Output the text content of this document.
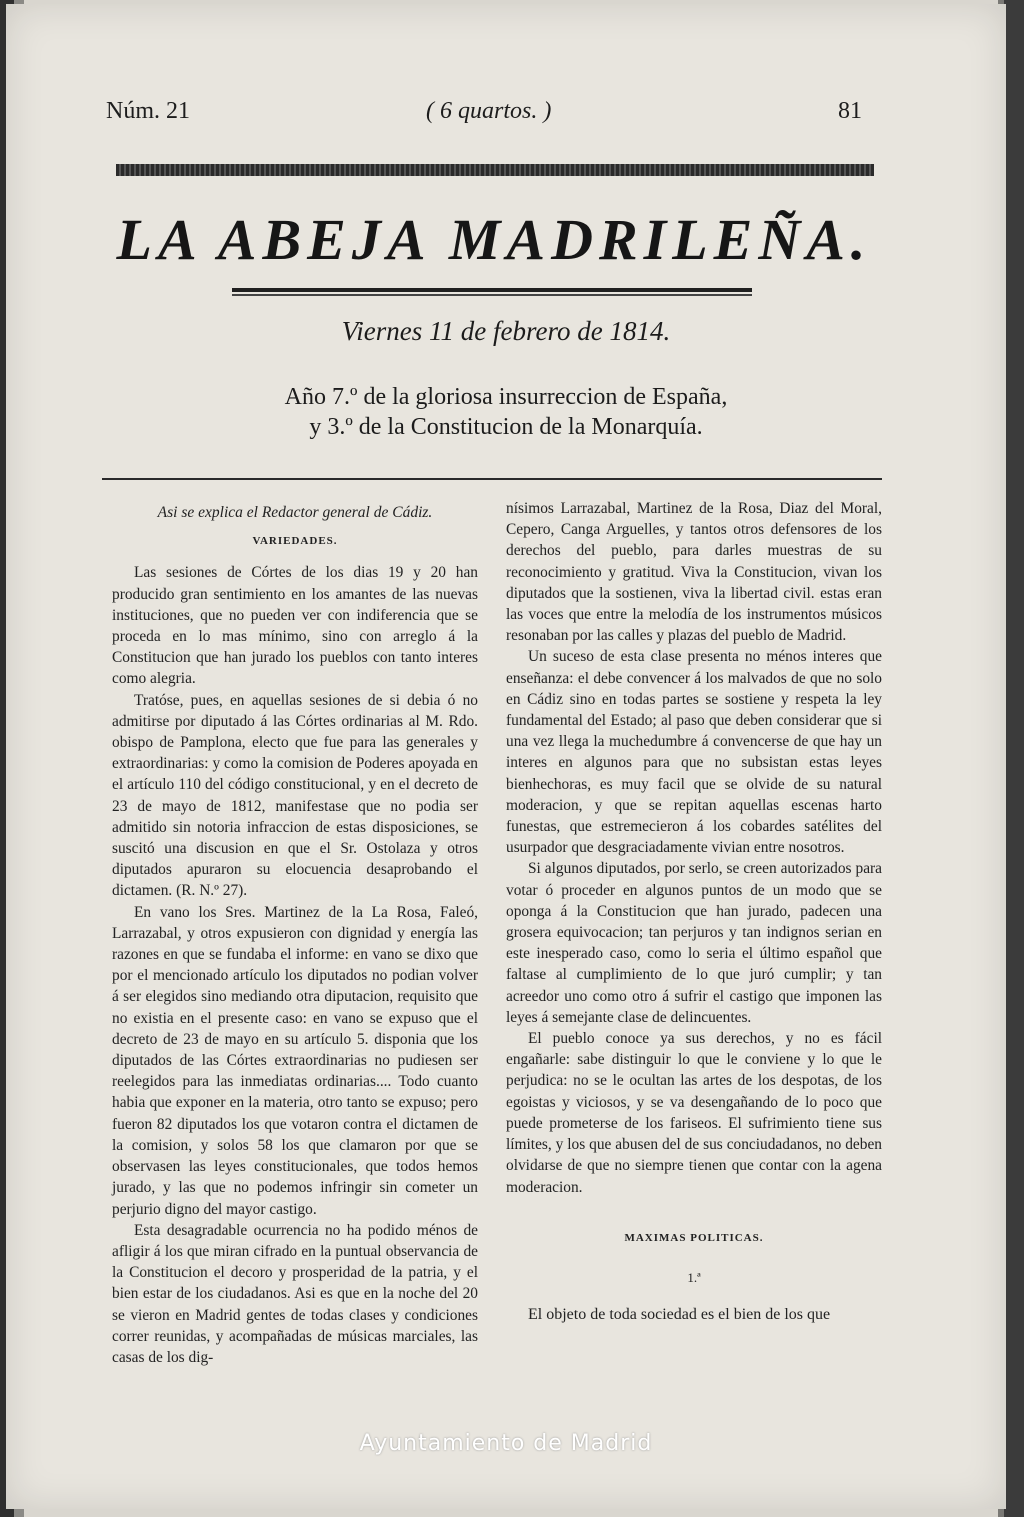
Núm. 21	( 6 quartos. )	81
LA ABEJA MADRILEÑA.
Viernes 11 de febrero de 1814.
Año 7.º de la gloriosa insurreccion de España,
y 3.º de la Constitucion de la Monarquía.
Asi se explica el Redactor general de Cádiz.
VARIEDADES.

Las sesiones de Córtes de los dias 19 y 20 han producido gran sentimiento en los amantes de las nuevas instituciones, que no pueden ver con indiferencia que se proceda en lo mas mínimo, sino con arreglo á la Constitucion que han jurado los pueblos con tanto interes como alegria.

Tratóse, pues, en aquellas sesiones de si debia ó no admitirse por diputado á las Córtes ordinarias al M. Rdo. obispo de Pamplona, electo que fue para las generales y extraordinarias: y como la comision de Poderes apoyada en el artículo 110 del código constitucional, y en el decreto de 23 de mayo de 1812, manifestase que no podia ser admitido sin notoria infraccion de estas disposiciones, se suscitó una discusion en que el Sr. Ostolaza y otros diputados apuraron su elocuencia desaprobando el dictamen. (R. N.º 27).

En vano los Sres. Martinez de la La Rosa, Faleó, Larrazabal, y otros expusieron con dignidad y energía las razones en que se fundaba el informe: en vano se dixo que por el mencionado artículo los diputados no podian volver á ser elegidos sino mediando otra diputacion, requisito que no existia en el presente caso: en vano se expuso que el decreto de 23 de mayo en su artículo 5. disponia que los diputados de las Córtes extraordinarias no pudiesen ser reelegidos para las inmediatas ordinarias.... Todo cuanto habia que exponer en la materia, otro tanto se expuso; pero fueron 82 diputados los que votaron contra el dictamen de la comision, y solos 58 los que clamaron por que se observasen las leyes constitucionales, que todos hemos jurado, y las que no podemos infringir sin cometer un perjurio digno del mayor castigo.

Esta desagradable ocurrencia no ha podido ménos de afligir á los que miran cifrado en la puntual observancia de la Constitucion el decoro y prosperidad de la patria, y el bien estar de los ciudadanos. Asi es que en la noche del 20 se vieron en Madrid gentes de todas clases y condiciones correr reunidas, y acompañadas de músicas marciales, las casas de los dig-

nísimos Larrazabal, Martinez de la Rosa, Diaz del Moral, Cepero, Canga Arguelles, y tantos otros defensores de los derechos del pueblo, para darles muestras de su reconocimiento y gratitud. Viva la Constitucion, vivan los diputados que la sostienen, viva la libertad civil. estas eran las voces que entre la melodía de los instrumentos músicos resonaban por las calles y plazas del pueblo de Madrid.

Un suceso de esta clase presenta no ménos interes que enseñanza: el debe convencer á los malvados de que no solo en Cádiz sino en todas partes se sostiene y respeta la ley fundamental del Estado; al paso que deben considerar que si una vez llega la muchedumbre á convencerse de que hay un interes en algunos para que no subsistan estas leyes bienhechoras, es muy facil que se olvide de su natural moderacion, y que se repitan aquellas escenas harto funestas, que estremecieron á los cobardes satélites del usurpador que desgraciadamente vivian entre nosotros.

Si algunos diputados, por serlo, se creen autorizados para votar ó proceder en algunos puntos de un modo que se oponga á la Constitucion que han jurado, padecen una grosera equivocacion; tan perjuros y tan indignos serian en este inesperado caso, como lo seria el último español que faltase al cumplimiento de lo que juró cumplir; y tan acreedor uno como otro á sufrir el castigo que imponen las leyes á semejante clase de delincuentes.

El pueblo conoce ya sus derechos, y no es fácil engañarle: sabe distinguir lo que le conviene y lo que le perjudica: no se le ocultan las artes de los despotas, de los egoistas y viciosos, y se va desengañando de lo poco que puede prometerse de los fariseos. El sufrimiento tiene sus límites, y los que abusen del de sus conciudadanos, no deben olvidarse de que no siempre tienen que contar con la agena moderacion.

MAXIMAS POLITICAS.
1.ª

El objeto de toda sociedad es el bien de los que

Ayuntamiento de Madrid
